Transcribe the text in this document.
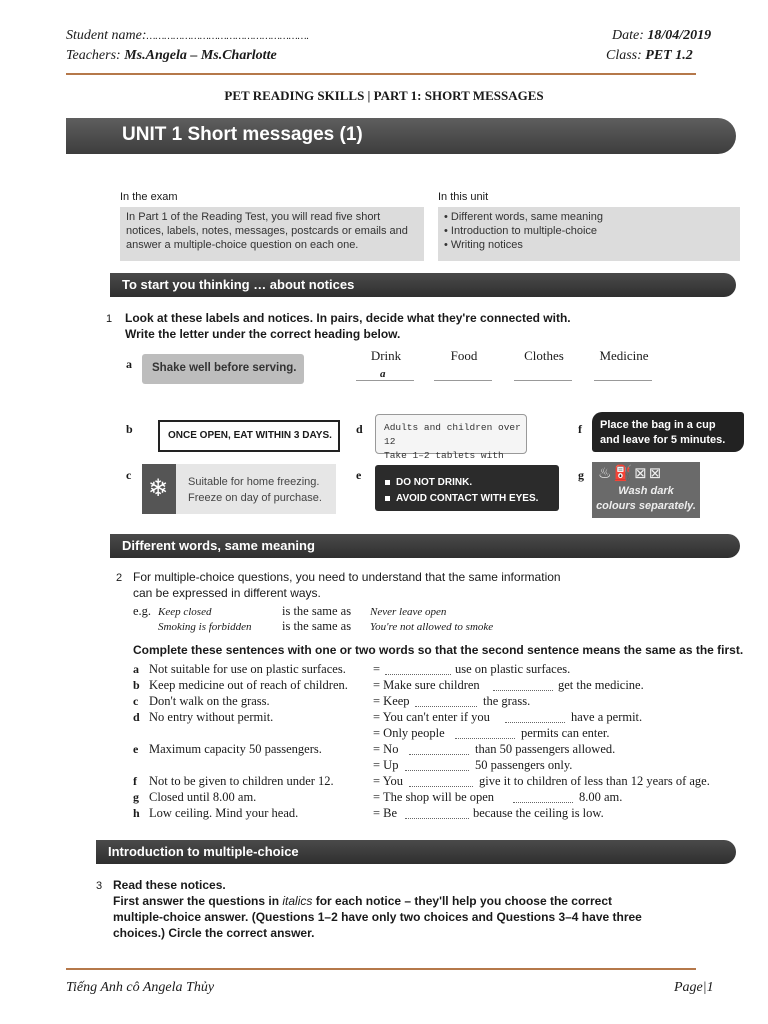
Student name:……………………………………………….
Teachers: Ms.Angela – Ms.Charlotte
Date: 18/04/2019
Class: PET 1.2
PET READING SKILLS | PART 1: SHORT MESSAGES
UNIT 1 Short messages (1)
In the exam
In Part 1 of the Reading Test, you will read five short
notices, labels, notes, messages, postcards or emails and
answer a multiple-choice question on each one.
In this unit
• Different words, same meaning
• Introduction to multiple-choice
• Writing notices
To start you thinking … about notices
1 Look at these labels and notices. In pairs, decide what they're connected with.
Write the letter under the correct heading below.
Drink	Food	Clothes	Medicine
a
a Shake well before serving.
b	ONCE OPEN, EAT WITHIN 3 DAYS.
c ❄ Suitable for home freezing.
Freeze on day of purchase.
d Adults and children over 12
Take 1–2 tablets with
e
DO NOT DRINK.
AVOID CONTACT WITH EYES.
f Place the bag in a cup
and leave for 5 minutes.
g ♨⛽⊠⊠
Wash dark
colours separately.
Different words, same meaning
2 For multiple-choice questions, you need to understand that the same information
can be expressed in different ways.
e.g. Keep closed	is the same as Never leave open
Smoking is forbidden is the same as You're not allowed to smoke
Complete these sentences with one or two words so that the second sentence means the same as the first.
a Not suitable for use on plastic surfaces. =	use on plastic surfaces.
b Keep medicine out of reach of children. = Make sure children	get the medicine.
c Don't walk on the grass.	= Keep	the grass.
d No entry without permit.	= You can't enter if you	have a permit.
= Only people	permits can enter.
e Maximum capacity 50 passengers.	= No	than 50 passengers allowed.
= Up	50 passengers only.
f Not to be given to children under 12.	= You	give it to children of less than 12 years of age.
g Closed until 8.00 am.	= The shop will be open	8.00 am.
h Low ceiling. Mind your head.	= Be	because the ceiling is low.
Introduction to multiple-choice
3 Read these notices.
First answer the questions in italics for each notice – they'll help you choose the correct
multiple-choice answer. (Questions 1–2 have only two choices and Questions 3–4 have three
choices.) Circle the correct answer.
Tiếng Anh cô Angela Thủy	Page|1
